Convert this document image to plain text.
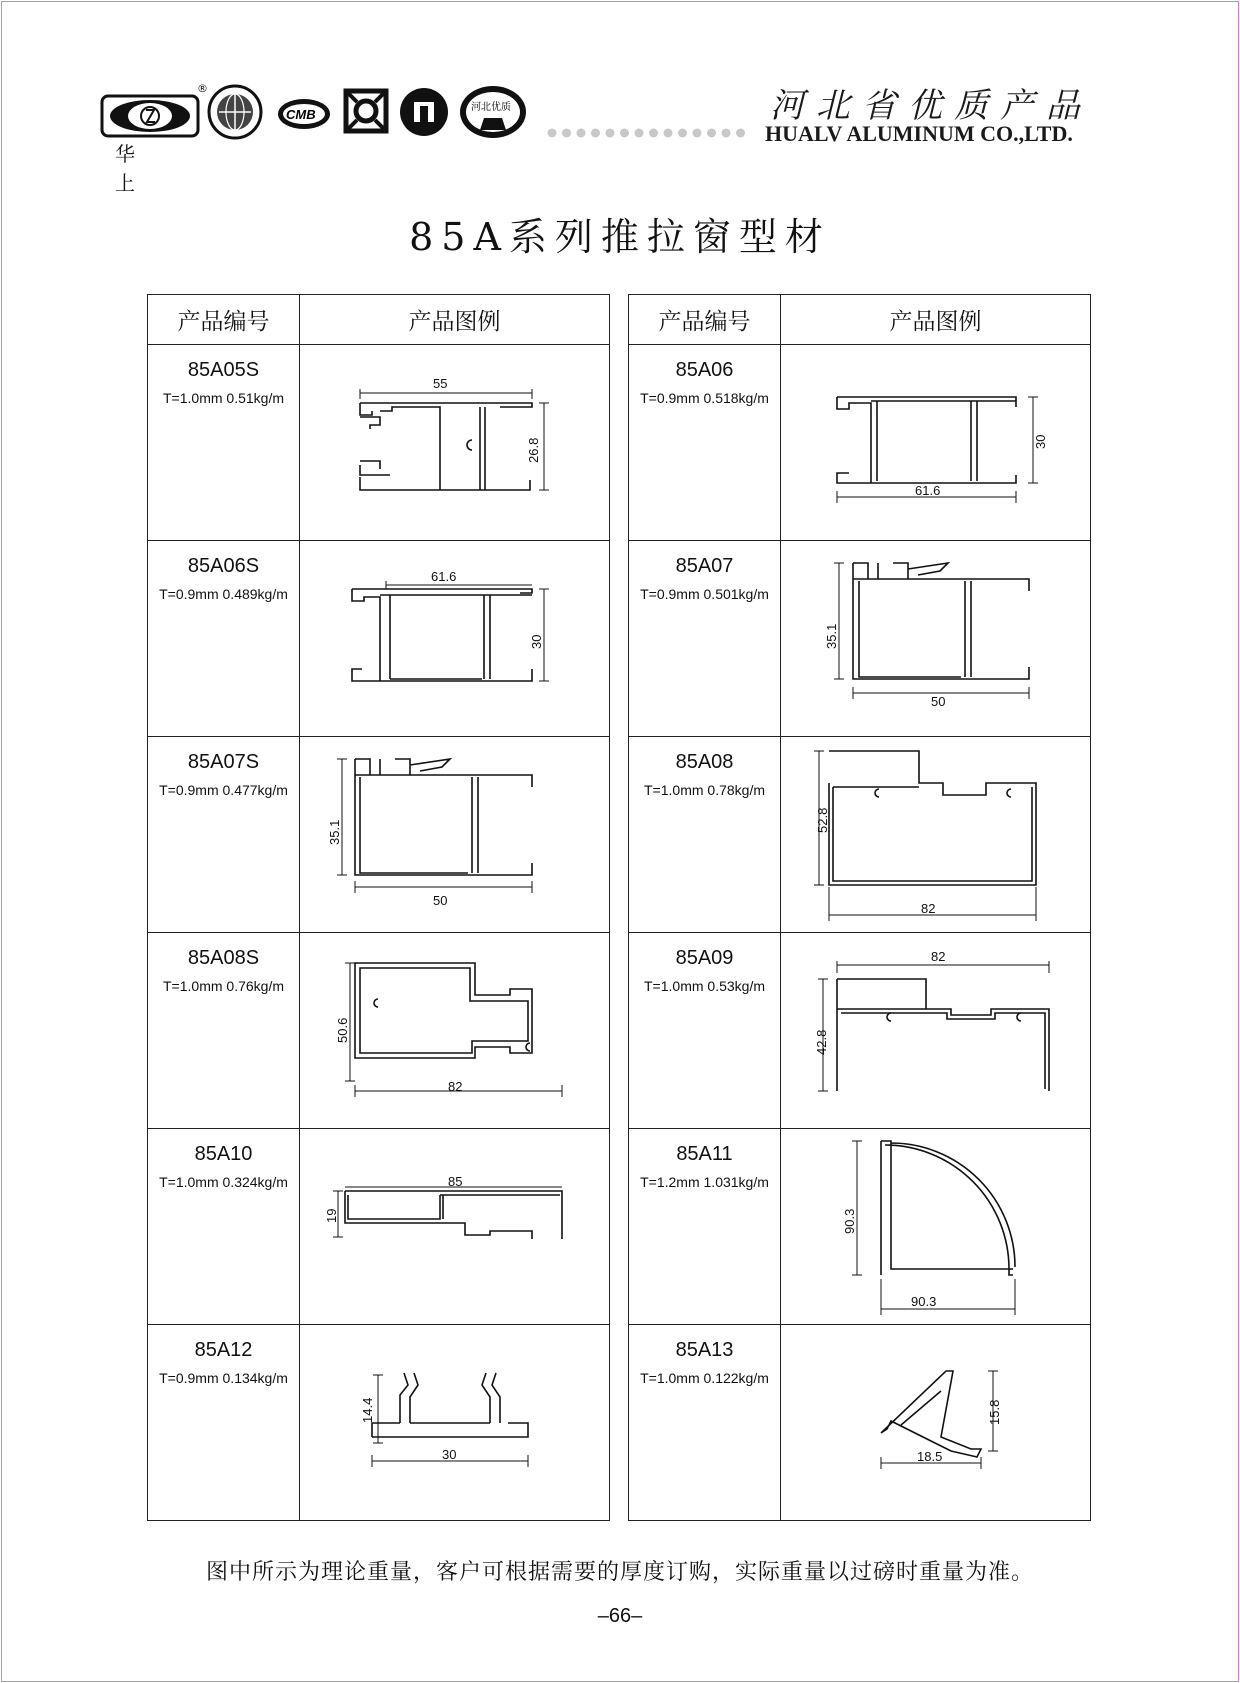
®
华 上
CMB	河北优质	河北省优质产品
HUALV ALUMINUM CO.,LTD.
85A系列推拉窗型材
产品编号	产品图例

85A05S
T=1.0mm 0.51kg/m	55
26.8

85A06S
T=0.9mm 0.489kg/m	61.6
30

85A07S
T=0.9mm 0.477kg/m	35.1
50

85A08S
T=1.0mm 0.76kg/m	50.6
82

85A10
T=1.0mm 0.324kg/m	85
19

85A12
T=0.9mm 0.134kg/m	14.4
30
产品编号	产品图例

85A06
T=0.9mm 0.518kg/m	30
61.6

85A07
T=0.9mm 0.501kg/m	35.1
50

85A08
T=1.0mm 0.78kg/m	52.8
82

85A09
T=1.0mm 0.53kg/m	82
42.8

85A11
T=1.2mm 1.031kg/m	90.3
90.3

85A13
T=1.0mm 0.122kg/m	15.8
18.5
图中所示为理论重量，客户可根据需要的厚度订购，实际重量以过磅时重量为准。
–66–
